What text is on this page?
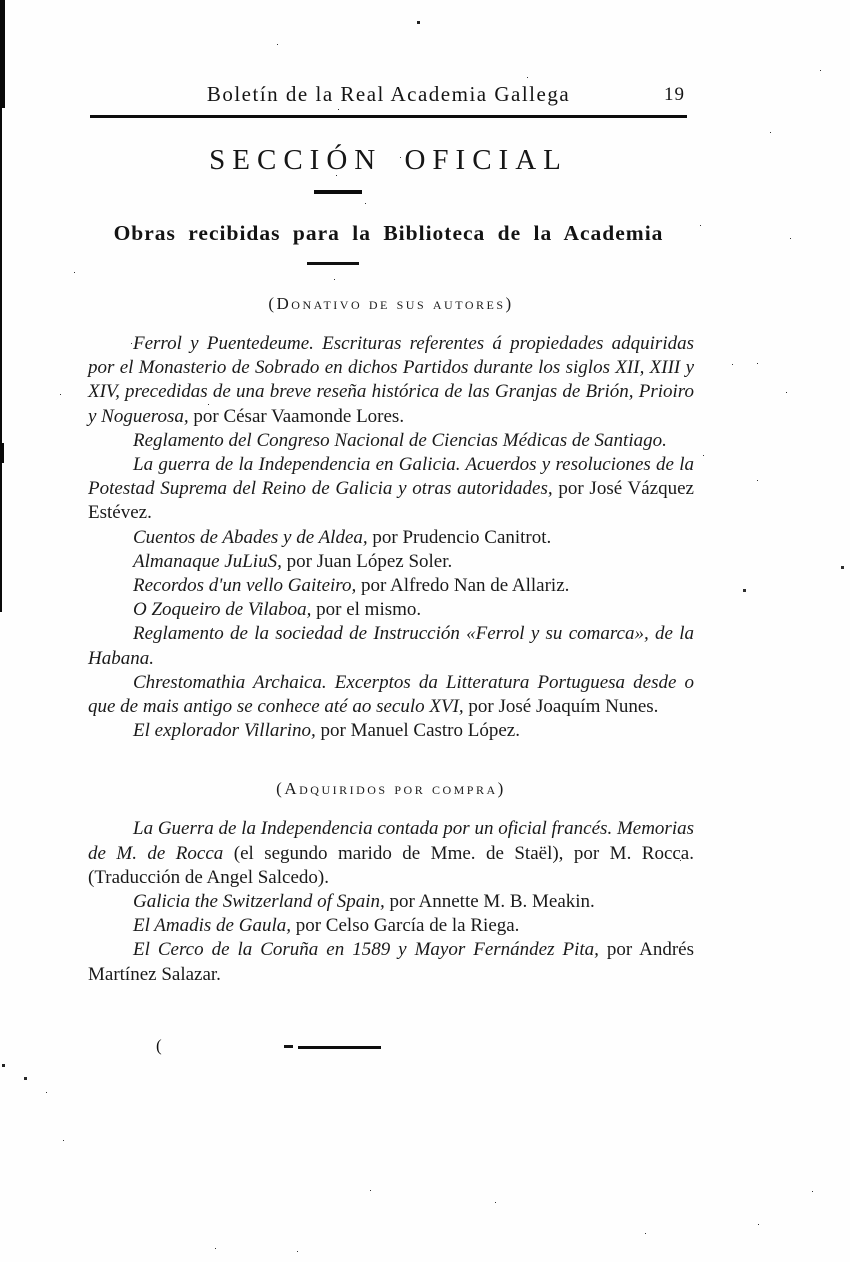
Boletín de la Real Academia Gallega	19
SECCIÓN OFICIAL
Obras recibidas para la Biblioteca de la Academia
(Donativo de sus autores)

Ferrol y Puentedeume. Escrituras referentes á propiedades adquiridas por el Monasterio de Sobrado en dichos Partidos durante los siglos XII, XIII y XIV, precedidas de una breve reseña histórica de las Granjas de Brión, Prioiro y Noguerosa, por César Vaamonde Lores.

Reglamento del Congreso Nacional de Ciencias Médicas de Santiago.

La guerra de la Independencia en Galicia. Acuerdos y resoluciones de la Potestad Suprema del Reino de Galicia y otras autoridades, por José Vázquez Estévez.

Cuentos de Abades y de Aldea, por Prudencio Canitrot.

Almanaque JuLiuS, por Juan López Soler.

Recordos d'un vello Gaiteiro, por Alfredo Nan de Allariz.

O Zoqueiro de Vilaboa, por el mismo.

Reglamento de la sociedad de Instrucción «Ferrol y su comarca», de la Habana.

Chrestomathia Archaica. Excerptos da Litteratura Portuguesa desde o que de mais antigo se conhece até ao seculo XVI, por José Joaquím Nunes.

El explorador Villarino, por Manuel Castro López.

(Adquiridos por compra)

La Guerra de la Independencia contada por un oficial francés. Memorias de M. de Rocca (el segundo marido de Mme. de Staël), por M. Rocca. (Traducción de Angel Salcedo).

Galicia the Switzerland of Spain, por Annette M. B. Meakin.

El Amadis de Gaula, por Celso García de la Riega.

El Cerco de la Coruña en 1589 y Mayor Fernández Pita, por Andrés Martínez Salazar.

(
